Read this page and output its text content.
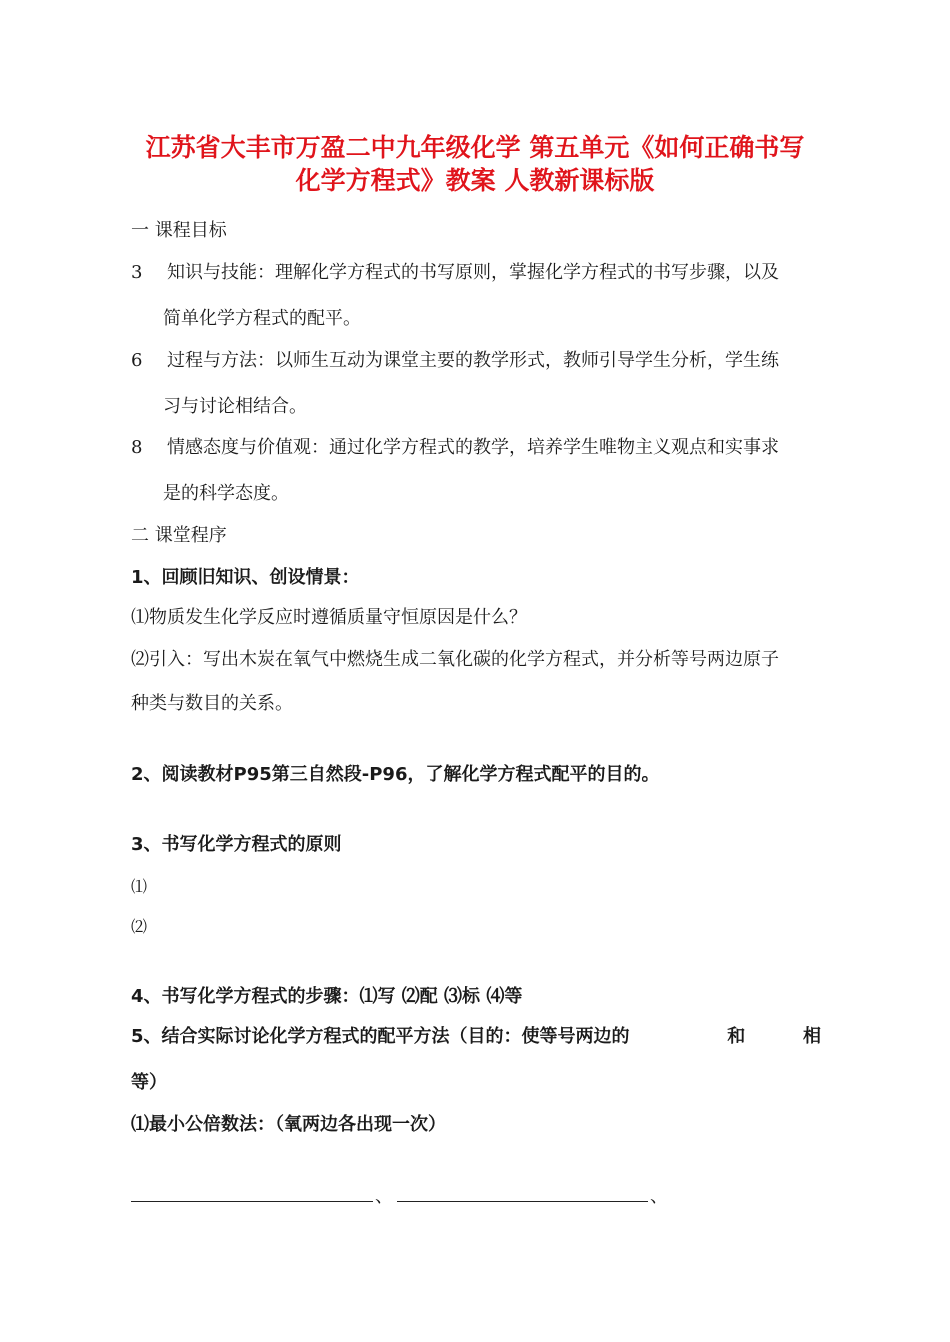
江苏省大丰市万盈二中九年级化学 第五单元《如何正确书写
化学方程式》教案 人教新课标版
一 课程目标
3 知识与技能：理解化学方程式的书写原则，掌握化学方程式的书写步骤，以及
简单化学方程式的配平。
6 过程与方法：以师生互动为课堂主要的教学形式，教师引导学生分析，学生练
习与讨论相结合。
8 情感态度与价值观：通过化学方程式的教学，培养学生唯物主义观点和实事求
是的科学态度。
二 课堂程序
1、回顾旧知识、创设情景：
⑴物质发生化学反应时遵循质量守恒原因是什么？
⑵引入：写出木炭在氧气中燃烧生成二氧化碳的化学方程式，并分析等号两边原子
种类与数目的关系。
2、阅读教材P95第三自然段-P96，了解化学方程式配平的目的。
3、书写化学方程式的原则
⑴
⑵
4、书写化学方程式的步骤：⑴写 ⑵配 ⑶标 ⑷等
5、结合实际讨论化学方程式的配平方法（目的：使等号两边的	和	相
等）
⑴最小公倍数法：（氧两边各出现一次）
、	、
